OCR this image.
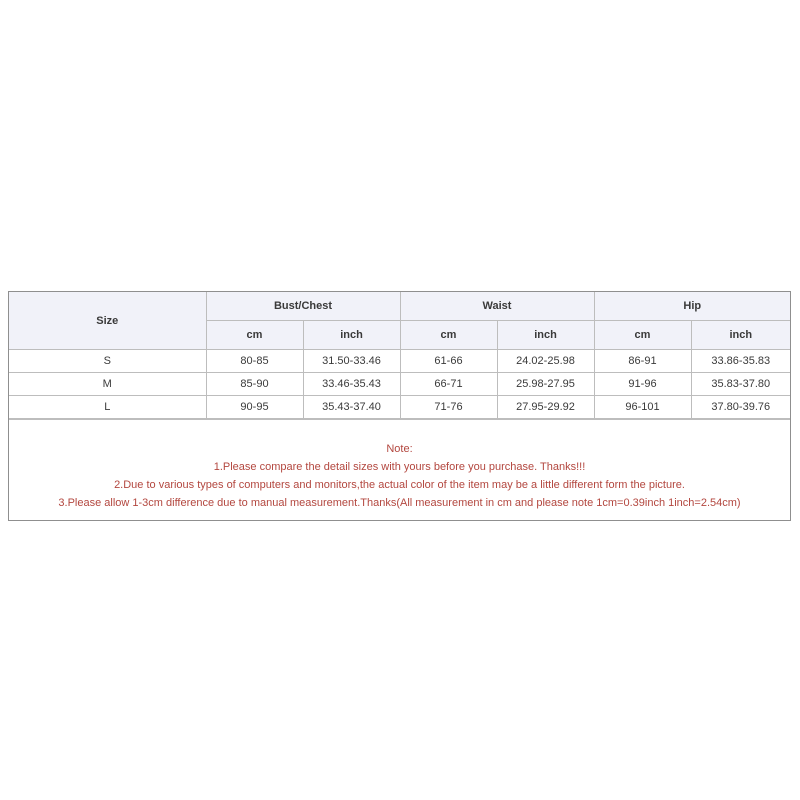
Size	Bust/Chest		Waist		Hip	
	cm	inch	cm	inch	cm	inch
S	80-85	31.50-33.46	61-66	24.02-25.98	86-91	33.86-35.83
M	85-90	33.46-35.43	66-71	25.98-27.95	91-96	35.83-37.80
L	90-95	35.43-37.40	71-76	27.95-29.92	96-101	37.80-39.76
Note:
1.Please compare the detail sizes with yours before you purchase. Thanks!!!
2.Due to various types of computers and monitors,the actual color of the item may be a little different form the picture.
3.Please allow 1-3cm difference due to manual measurement.Thanks(All measurement in cm and please note 1cm=0.39inch 1inch=2.54cm)
